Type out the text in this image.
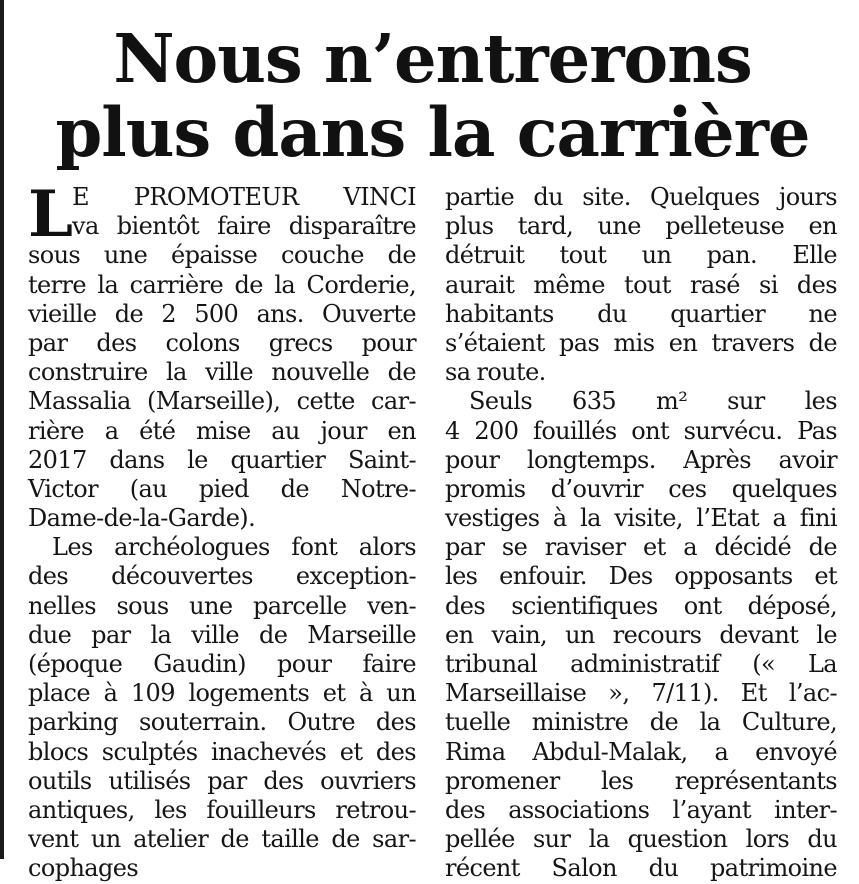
Nous n’entrerons
plus dans la carrière
L E PROMOTEUR VINCI
va bientôt faire disparaître
sous une épaisse couche de
terre la carrière de la Corderie,
vieille de 2 500 ans. Ouverte
par des colons grecs pour
construire la ville nouvelle de
Massalia (Marseille), cette car-
rière a été mise au jour en
2017 dans le quartier Saint-
Victor (au pied de Notre-
Dame-de-la-Garde).
Les archéologues font alors
des découvertes exception-
nelles sous une parcelle ven-
due par la ville de Marseille
(époque Gaudin) pour faire
place à 109 logements et à un
parking souterrain. Outre des
blocs sculptés inachevés et des
outils utilisés par des ouvriers
antiques, les fouilleurs retrou-
vent un atelier de taille de sar-
cophages
partie du site. Quelques jours
plus tard, une pelleteuse en
détruit tout un pan. Elle
aurait même tout rasé si des
habitants du quartier ne
s’étaient pas mis en travers de
sa route.
Seuls 635 m² sur les
4 200 fouillés ont survécu. Pas
pour longtemps. Après avoir
promis d’ouvrir ces quelques
vestiges à la visite, l’Etat a fini
par se raviser et a décidé de
les enfouir. Des opposants et
des scientifiques ont déposé,
en vain, un recours devant le
tribunal administratif (« La
Marseillaise », 7/11). Et l’ac-
tuelle ministre de la Culture,
Rima Abdul-Malak, a envoyé
promener les représentants
des associations l’ayant inter-
pellée sur la question lors du
récent Salon du patrimoine
